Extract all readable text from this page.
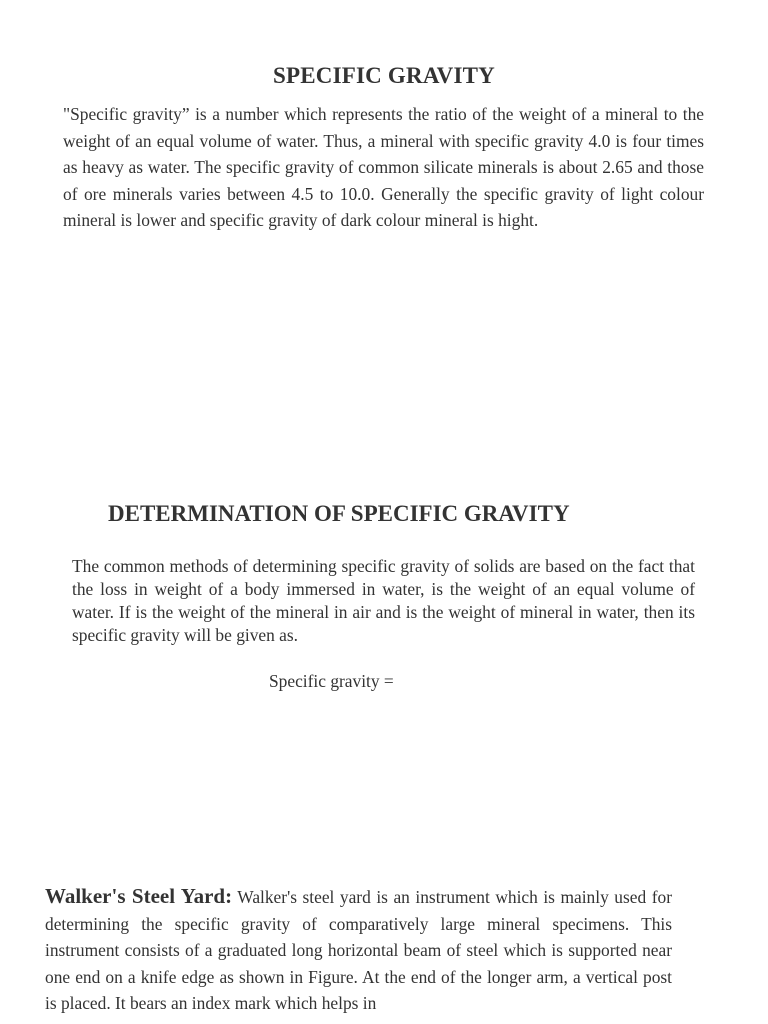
SPECIFIC GRAVITY

"Specific gravity” is a number which represents the ratio of the weight of a mineral to the weight of an equal volume of water. Thus, a mineral with specific gravity 4.0 is four times as heavy as water. The specific gravity of common silicate minerals is about 2.65 and those of ore minerals varies between 4.5 to 10.0. Generally the specific gravity of light colour mineral is lower and specific gravity of dark colour mineral is hight.

DETERMINATION OF SPECIFIC GRAVITY

The common methods of determining specific gravity of solids are based on the fact that the loss in weight of a body immersed in water, is the weight of an equal volume of water. If is the weight of the mineral in air and is the weight of mineral in water, then its specific gravity will be given as.

Specific gravity =

Walker's Steel Yard: Walker's steel yard is an instrument which is mainly used for determining the specific gravity of comparatively large mineral specimens. This instrument consists of a graduated long horizontal beam of steel which is supported near one end on a knife edge as shown in Figure. At the end of the longer arm, a vertical post is placed. It bears an index mark which helps in
